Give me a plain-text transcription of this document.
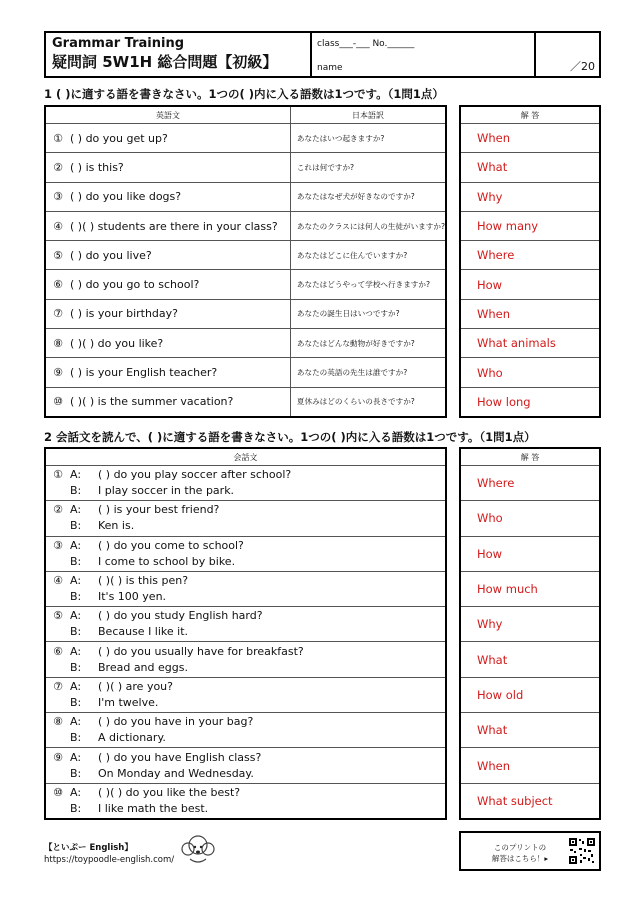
Grammar Training
疑問詞 5W1H 総合問題【初級】
class___-___ No.______
name	／20
1 ( )に適する語を書きなさい。1つの( )内に入る語数は1つです。（1問1点）
英語文	日本語訳
① ( ) do you get up?	あなたはいつ起きますか?
② ( ) is this?	これは何ですか?
③ ( ) do you like dogs?	あなたはなぜ犬が好きなのですか?
④ ( )( ) students are there in your class?	あなたのクラスには何人の生徒がいますか?
⑤ ( ) do you live?	あなたはどこに住んでいますか?
⑥ ( ) do you go to school?	あなたはどうやって学校へ行きますか?
⑦ ( ) is your birthday?	あなたの誕生日はいつですか?
⑧ ( )( ) do you like?	あなたはどんな動物が好きですか?
⑨ ( ) is your English teacher?	あなたの英語の先生は誰ですか?
⑩ ( )( ) is the summer vacation?	夏休みはどのくらいの長さですか?
解 答
When
What
Why
How many
Where
How
When
What animals
Who
How long
2 会話文を読んで、( )に適する語を書きなさい。1つの( )内に入る語数は1つです。（1問1点）
会話文

① A: ( ) do you play soccer after school?
B: I play soccer in the park.

② A: ( ) is your best friend?
B: Ken is.

③ A: ( ) do you come to school?
B: I come to school by bike.

④ A: ( )( ) is this pen?
B: It's 100 yen.

⑤ A: ( ) do you study English hard?
B: Because I like it.

⑥ A: ( ) do you usually have for breakfast?
B: Bread and eggs.

⑦ A: ( )( ) are you?
B: I'm twelve.

⑧ A: ( ) do you have in your bag?
B: A dictionary.

⑨ A: ( ) do you have English class?
B: On Monday and Wednesday.

⑩ A: ( )( ) do you like the best?
B: I like math the best.
解 答
Where
Who
How
How much
Why
What
How old
What
When
What subject
【といぷー English】
https://toypoodle-english.com/
このプリントの
解答はこちら！▸
